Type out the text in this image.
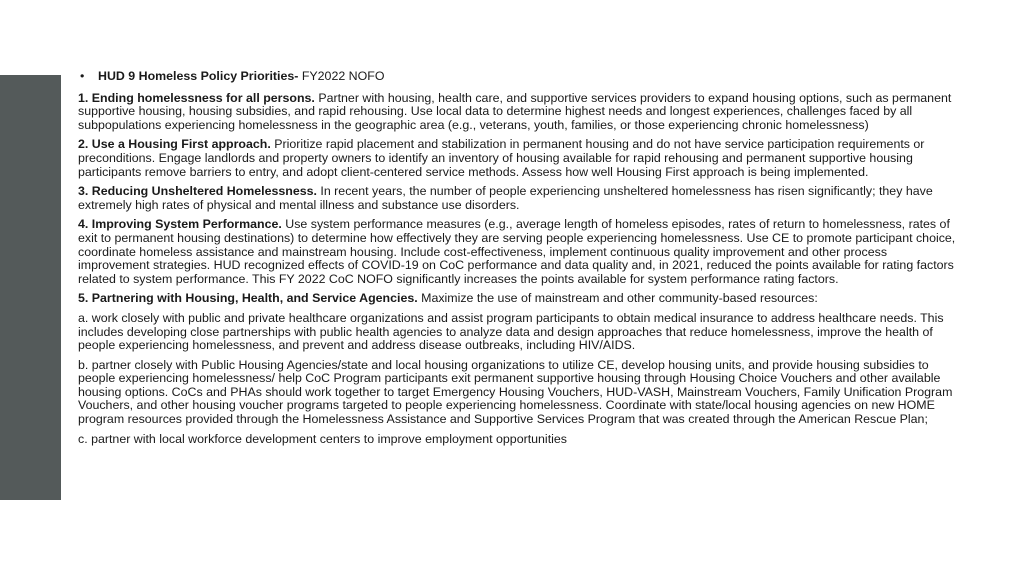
• HUD 9 Homeless Policy Priorities- FY2022 NOFO

1. Ending homelessness for all persons. Partner with housing, health care, and supportive services providers to expand housing options, such as permanent supportive housing, housing subsidies, and rapid rehousing. Use local data to determine highest needs and longest experiences, challenges faced by all subpopulations experiencing homelessness in the geographic area (e.g., veterans, youth, families, or those experiencing chronic homelessness)

2. Use a Housing First approach. Prioritize rapid placement and stabilization in permanent housing and do not have service participation requirements or preconditions. Engage landlords and property owners to identify an inventory of housing available for rapid rehousing and permanent supportive housing participants remove barriers to entry, and adopt client-centered service methods. Assess how well Housing First approach is being implemented.

3. Reducing Unsheltered Homelessness. In recent years, the number of people experiencing unsheltered homelessness has risen significantly; they have extremely high rates of physical and mental illness and substance use disorders.

4. Improving System Performance. Use system performance measures (e.g., average length of homeless episodes, rates of return to homelessness, rates of exit to permanent housing destinations) to determine how effectively they are serving people experiencing homelessness. Use CE to promote participant choice, coordinate homeless assistance and mainstream housing. Include cost-effectiveness, implement continuous quality improvement and other process improvement strategies. HUD recognized effects of COVID-19 on CoC performance and data quality and, in 2021, reduced the points available for rating factors related to system performance. This FY 2022 CoC NOFO significantly increases the points available for system performance rating factors.

5. Partnering with Housing, Health, and Service Agencies. Maximize the use of mainstream and other community-based resources:

a. work closely with public and private healthcare organizations and assist program participants to obtain medical insurance to address healthcare needs. This includes developing close partnerships with public health agencies to analyze data and design approaches that reduce homelessness, improve the health of people experiencing homelessness, and prevent and address disease outbreaks, including HIV/AIDS.

b. partner closely with Public Housing Agencies/state and local housing organizations to utilize CE, develop housing units, and provide housing subsidies to people experiencing homelessness/ help CoC Program participants exit permanent supportive housing through Housing Choice Vouchers and other available housing options. CoCs and PHAs should work together to target Emergency Housing Vouchers, HUD-VASH, Mainstream Vouchers, Family Unification Program Vouchers, and other housing voucher programs targeted to people experiencing homelessness. Coordinate with state/local housing agencies on new HOME program resources provided through the Homelessness Assistance and Supportive Services Program that was created through the American Rescue Plan;

c. partner with local workforce development centers to improve employment opportunities
